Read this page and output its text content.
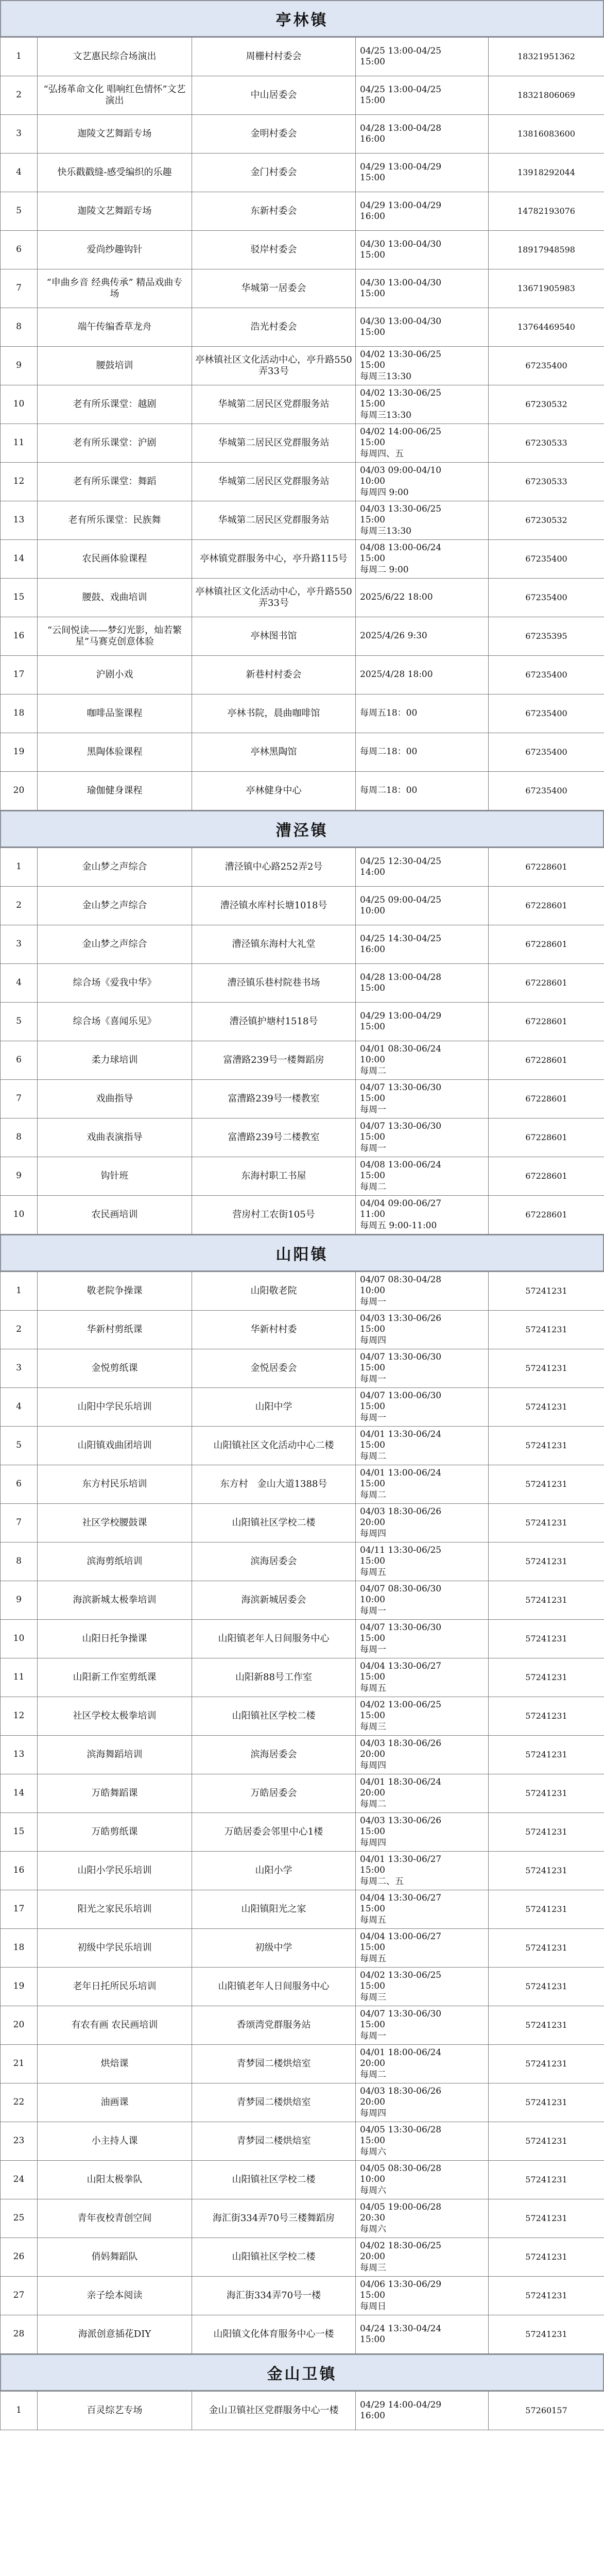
亭林镇
1	文艺惠民综合场演出	周栅村村委会	04/25 13:00-04/25
15:00	18321951362
2	“弘扬革命文化 唱响红色情怀”文艺演出	中山居委会	04/25 13:00-04/25
15:00	18321806069
3	迦陵文艺舞蹈专场	金明村委会	04/28 13:00-04/28
16:00	13816083600
4	快乐戳戳缝-感受编织的乐趣	金门村委会	04/29 13:00-04/29
15:00	13918292044
5	迦陵文艺舞蹈专场	东新村委会	04/29 13:00-04/29
16:00	14782193076
6	爱尚纱趣钩针	驳岸村委会	04/30 13:00-04/30
15:00	18917948598
7	“申曲乡音 经典传承” 精品戏曲专场	华城第一居委会	04/30 13:00-04/30
15:00	13671905983
8	端午传编香草龙舟	浩光村委会	04/30 13:00-04/30
15:00	13764469540
9	腰鼓培训	亭林镇社区文化活动中心，亭升路550弄33号	04/02 13:30-06/25
15:00
每周三13:30	67235400
10	老有所乐课堂：越剧	华城第二居民区党群服务站	04/02 13:30-06/25
15:00
每周三13:30	67230532
11	老有所乐课堂：沪剧	华城第二居民区党群服务站	04/02 14:00-06/25
15:00
每周四、五	67230533
12	老有所乐课堂：舞蹈	华城第二居民区党群服务站	04/03 09:00-04/10
10:00
每周四 9:00	67230533
13	老有所乐课堂：民族舞	华城第二居民区党群服务站	04/03 13:30-06/25
15:00
每周三13:30	67230532
14	农民画体验课程	亭林镇党群服务中心，亭升路115号	04/08 13:00-06/24
15:00
每周二 9:00	67235400
15	腰鼓、戏曲培训	亭林镇社区文化活动中心，亭升路550弄33号	2025/6/22 18:00	67235400
16	“云间悦读——梦幻光影，灿若繁星”马赛克创意体验	亭林图书馆	2025/4/26 9:30	67235395
17	沪剧小戏	新巷村村委会	2025/4/28 18:00	67235400
18	咖啡品鉴课程	亭林书院，晨曲咖啡馆	每周五18：00	67235400
19	黑陶体验课程	亭林黑陶馆	每周二18：00	67235400
20	瑜伽健身课程	亭林健身中心	每周二18：00	67235400
漕泾镇
1	金山梦之声综合	漕泾镇中心路252弄2号	04/25 12:30-04/25
14:00	67228601
2	金山梦之声综合	漕泾镇水库村长塘1018号	04/25 09:00-04/25
10:00	67228601
3	金山梦之声综合	漕泾镇东海村大礼堂	04/25 14:30-04/25
16:00	67228601
4	综合场《爱我中华》	漕泾镇乐巷村院巷书场	04/28 13:00-04/28
15:00	67228601
5	综合场《喜闻乐见》	漕泾镇护塘村1518号	04/29 13:00-04/29
15:00	67228601
6	柔力球培训	富漕路239号一楼舞蹈房	04/01 08:30-06/24
10:00
每周二	67228601
7	戏曲指导	富漕路239号一楼教室	04/07 13:30-06/30
15:00
每周一	67228601
8	戏曲表演指导	富漕路239号二楼教室	04/07 13:30-06/30
15:00
每周一	67228601
9	钩针班	东海村职工书屋	04/08 13:00-06/24
15:00
每周二	67228601
10	农民画培训	营房村工农街105号	04/04 09:00-06/27
11:00
每周五 9:00-11:00	67228601
山阳镇
1	敬老院争操课	山阳敬老院	04/07 08:30-04/28
10:00
每周一	57241231
2	华新村剪纸课	华新村村委	04/03 13:30-06/26
15:00
每周四	57241231
3	金悦剪纸课	金悦居委会	04/07 13:30-06/30
15:00
每周一	57241231
4	山阳中学民乐培训	山阳中学	04/07 13:00-06/30
15:00
每周一	57241231
5	山阳镇戏曲团培训	山阳镇社区文化活动中心二楼	04/01 13:30-06/24
15:00
每周二	57241231
6	东方村民乐培训	东方村　金山大道1388号	04/01 13:00-06/24
15:00
每周二	57241231
7	社区学校腰鼓课	山阳镇社区学校二楼	04/03 18:30-06/26
20:00
每周四	57241231
8	滨海剪纸培训	滨海居委会	04/11 13:30-06/25
15:00
每周五	57241231
9	海滨新城太极拳培训	海滨新城居委会	04/07 08:30-06/30
10:00
每周一	57241231
10	山阳日托争操课	山阳镇老年人日间服务中心	04/07 13:30-06/30
15:00
每周一	57241231
11	山阳新工作室剪纸课	山阳新88号工作室	04/04 13:30-06/27
15:00
每周五	57241231
12	社区学校太极拳培训	山阳镇社区学校二楼	04/02 13:00-06/25
15:00
每周三	57241231
13	滨海舞蹈培训	滨海居委会	04/03 18:30-06/26
20:00
每周四	57241231
14	万皓舞蹈课	万皓居委会	04/01 18:30-06/24
20:00
每周二	57241231
15	万皓剪纸课	万皓居委会邻里中心1楼	04/03 13:30-06/26
15:00
每周四	57241231
16	山阳小学民乐培训	山阳小学	04/01 13:30-06/27
15:00
每周二、五	57241231
17	阳光之家民乐培训	山阳镇阳光之家	04/04 13:30-06/27
15:00
每周五	57241231
18	初级中学民乐培训	初级中学	04/04 13:00-06/27
15:00
每周五	57241231
19	老年日托所民乐培训	山阳镇老年人日间服务中心	04/02 13:30-06/25
15:00
每周三	57241231
20	有农有画 农民画培训	香颂湾党群服务站	04/07 13:30-06/30
15:00
每周一	57241231
21	烘焙课	青梦园二楼烘焙室	04/01 18:00-06/24
20:00
每周二	57241231
22	油画课	青梦园二楼烘焙室	04/03 18:30-06/26
20:00
每周四	57241231
23	小主持人课	青梦园二楼烘焙室	04/05 13:30-06/28
15:00
每周六	57241231
24	山阳太极拳队	山阳镇社区学校二楼	04/05 08:30-06/28
10:00
每周六	57241231
25	青年夜校青创空间	海汇街334弄70号三楼舞蹈房	04/05 19:00-06/28
20:30
每周六	57241231
26	俏妈舞蹈队	山阳镇社区学校二楼	04/02 18:30-06/25
20:00
每周三	57241231
27	亲子绘本阅读	海汇街334弄70号一楼	04/06 13:30-06/29
15:00
每周日	57241231
28	海派创意插花DIY	山阳镇文化体育服务中心一楼	04/24 13:30-04/24
15:00	57241231
金山卫镇
1	百灵综艺专场	金山卫镇社区党群服务中心一楼	04/29 14:00-04/29
16:00	57260157
